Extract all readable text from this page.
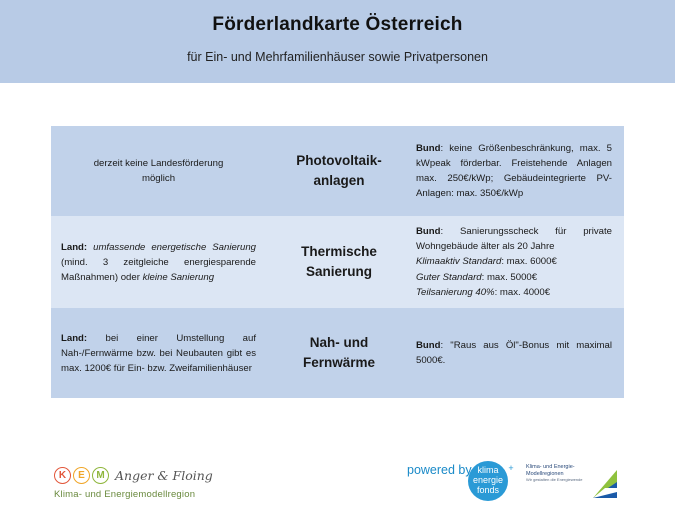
Förderlandkarte Österreich
für Ein- und Mehrfamilienhäuser sowie Privatpersonen
derzeit keine Landesförderung möglich
Photovoltaik-
anlagen
Bund: keine Größenbeschränkung, max. 5 kWpeak förderbar. Freistehende Anlagen max. 250€/kWp; Gebäudeintegrierte PV-Anlagen: max. 350€/kWp
Land: umfassende energetische Sanierung (mind. 3 zeitgleiche energiesparende Maßnahmen) oder kleine Sanierung
Thermische
Sanierung
Bund: Sanierungsscheck für private Wohngebäude älter als 20 Jahre
Klimaaktiv Standard: max. 6000€
Guter Standard: max. 5000€
Teilsanierung 40%: max. 4000€
Land: bei einer Umstellung auf Nah-/Fernwärme bzw. bei Neubauten gibt es max. 1200€ für Ein- bzw. Zweifamilienhäuser
Nah- und
Fernwärme
Bund: "Raus aus Öl"-Bonus mit maximal 5000€.
K	E	M Anger & Floing
Klima- und Energiemodellregion
powered by klima
energie
fonds
+ Klima- und Energie-
Modellregionen
Wir gestalten die Energiewende
